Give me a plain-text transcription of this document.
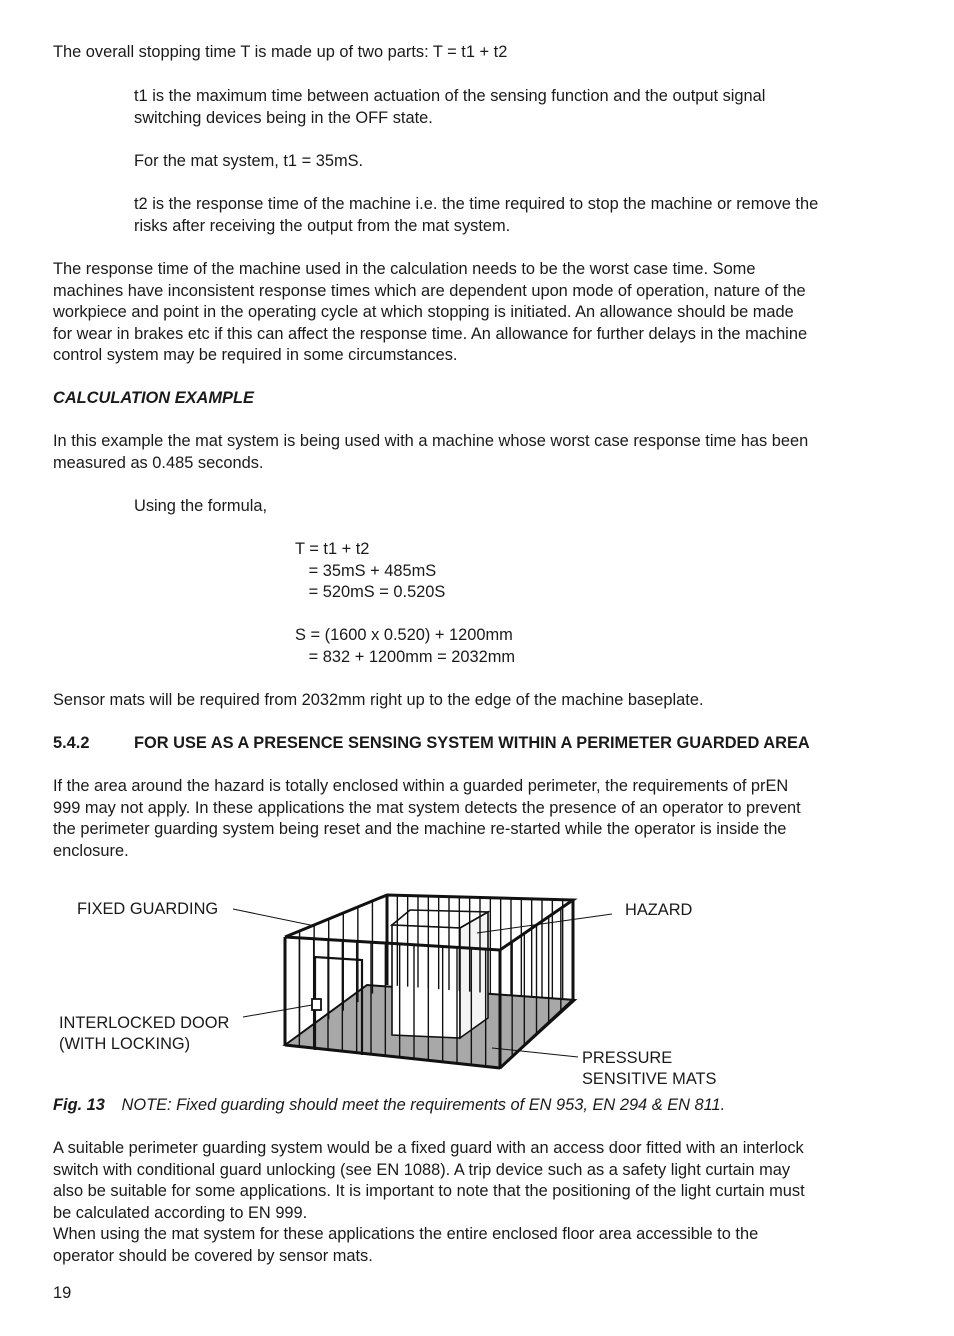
The overall stopping time T is made up of two parts: T = t1 + t2
t1 is the maximum time between actuation of the sensing function and the output signal
switching devices being in the OFF state.
For the mat system, t1 = 35mS.
t2 is the response time of the machine i.e. the time required to stop the machine or remove the
risks after receiving the output from the mat system.
The response time of the machine used in the calculation needs to be the worst case time. Some
machines have inconsistent response times which are dependent upon mode of operation, nature of the
workpiece and point in the operating cycle at which stopping is initiated. An allowance should be made
for wear in brakes etc if this can affect the response time. An allowance for further delays in the machine
control system may be required in some circumstances.
CALCULATION EXAMPLE
In this example the mat system is being used with a machine whose worst case response time has been
measured as 0.485 seconds.
Using the formula,

T = t1 + t2

= 35mS + 485mS

= 520mS = 0.520S

S = (1600 x 0.520) + 1200mm

= 832 + 1200mm = 2032mm

Sensor mats will be required from 2032mm right up to the edge of the machine baseplate.
5.4.2	FOR USE AS A PRESENCE SENSING SYSTEM WITHIN A PERIMETER GUARDED AREA
If the area around the hazard is totally enclosed within a guarded perimeter, the requirements of prEN
999 may not apply. In these applications the mat system detects the presence of an operator to prevent
the perimeter guarding system being reset and the machine re-started while the operator is inside the
enclosure.
FIXED GUARDING	HAZARD
INTERLOCKED DOOR
(WITH LOCKING)
PRESSURE
SENSITIVE MATS
Fig. 13 NOTE: Fixed guarding should meet the requirements of EN 953, EN 294 & EN 811.
A suitable perimeter guarding system would be a fixed guard with an access door fitted with an interlock
switch with conditional guard unlocking (see EN 1088). A trip device such as a safety light curtain may
also be suitable for some applications. It is important to note that the positioning of the light curtain must
be calculated according to EN 999.
When using the mat system for these applications the entire enclosed floor area accessible to the
operator should be covered by sensor mats.
19
